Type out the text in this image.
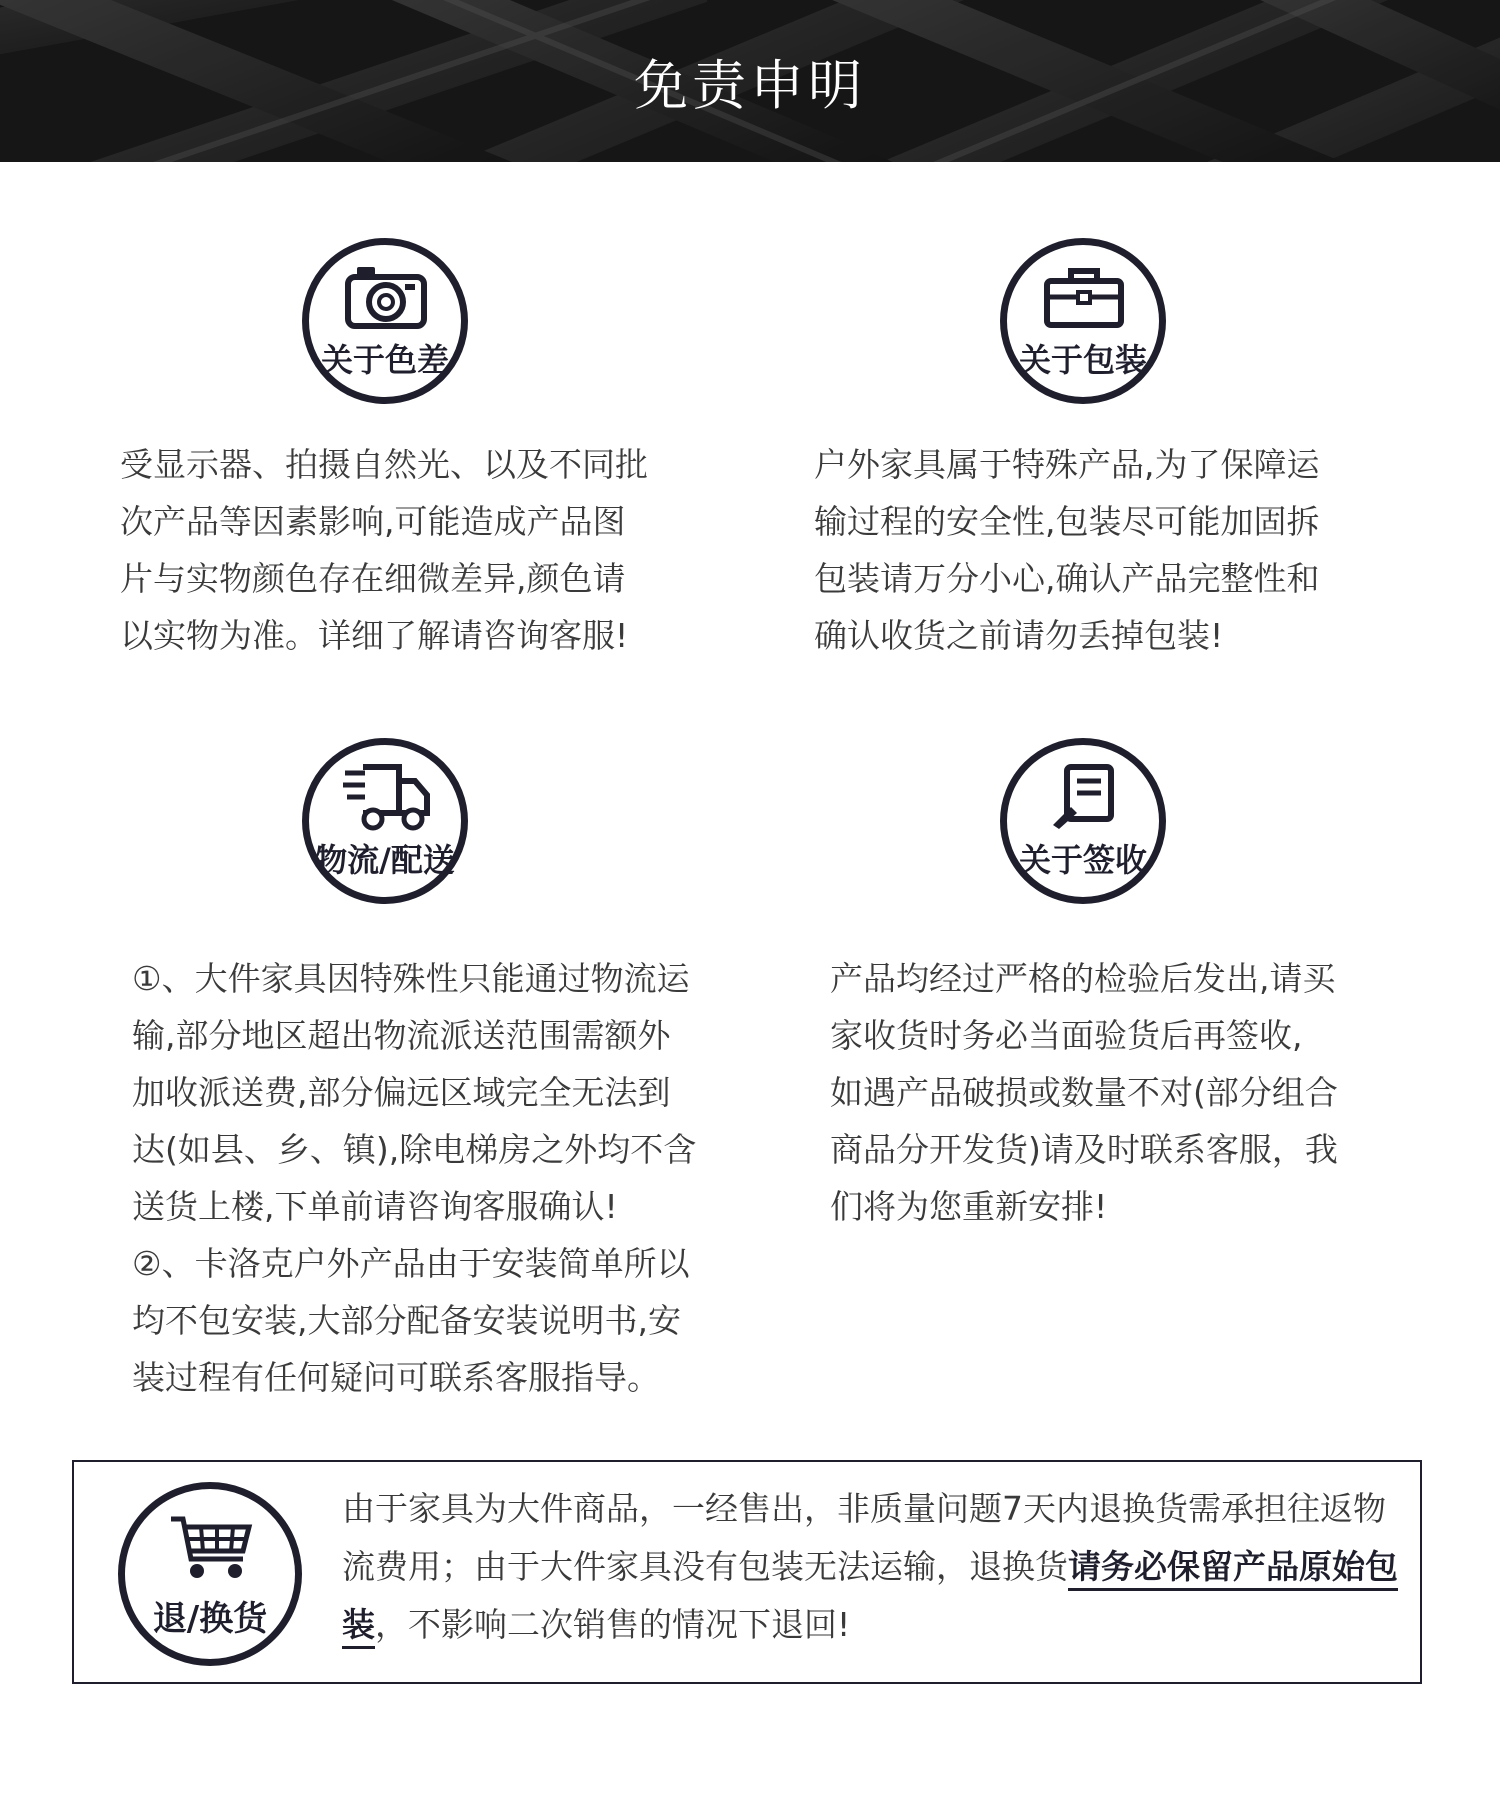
免责申明
关于色差
受显示器、拍摄自然光、以及不同批
次产品等因素影响,可能造成产品图
片与实物颜色存在细微差异,颜色请
以实物为准。详细了解请咨询客服!
关于包装
户外家具属于特殊产品,为了保障运
输过程的安全性,包装尽可能加固拆
包装请万分小心,确认产品完整性和
确认收货之前请勿丢掉包装!
物流/配送
①、大件家具因特殊性只能通过物流运
输,部分地区超出物流派送范围需额外
加收派送费,部分偏远区域完全无法到
达(如县、乡、镇),除电梯房之外均不含
送货上楼,下单前请咨询客服确认!
②、卡洛克户外产品由于安装简单所以
均不包安装,大部分配备安装说明书,安
装过程有任何疑问可联系客服指导。
关于签收
产品均经过严格的检验后发出,请买
家收货时务必当面验货后再签收,
如遇产品破损或数量不对(部分组合
商品分开发货)请及时联系客服，我
们将为您重新安排!
退/换货
由于家具为大件商品，一经售出，非质量问题7天内退换货需承担往返物流费用；由于大件家具没有包装无法运输，退换货请务必保留产品原始包装，不影响二次销售的情况下退回!
